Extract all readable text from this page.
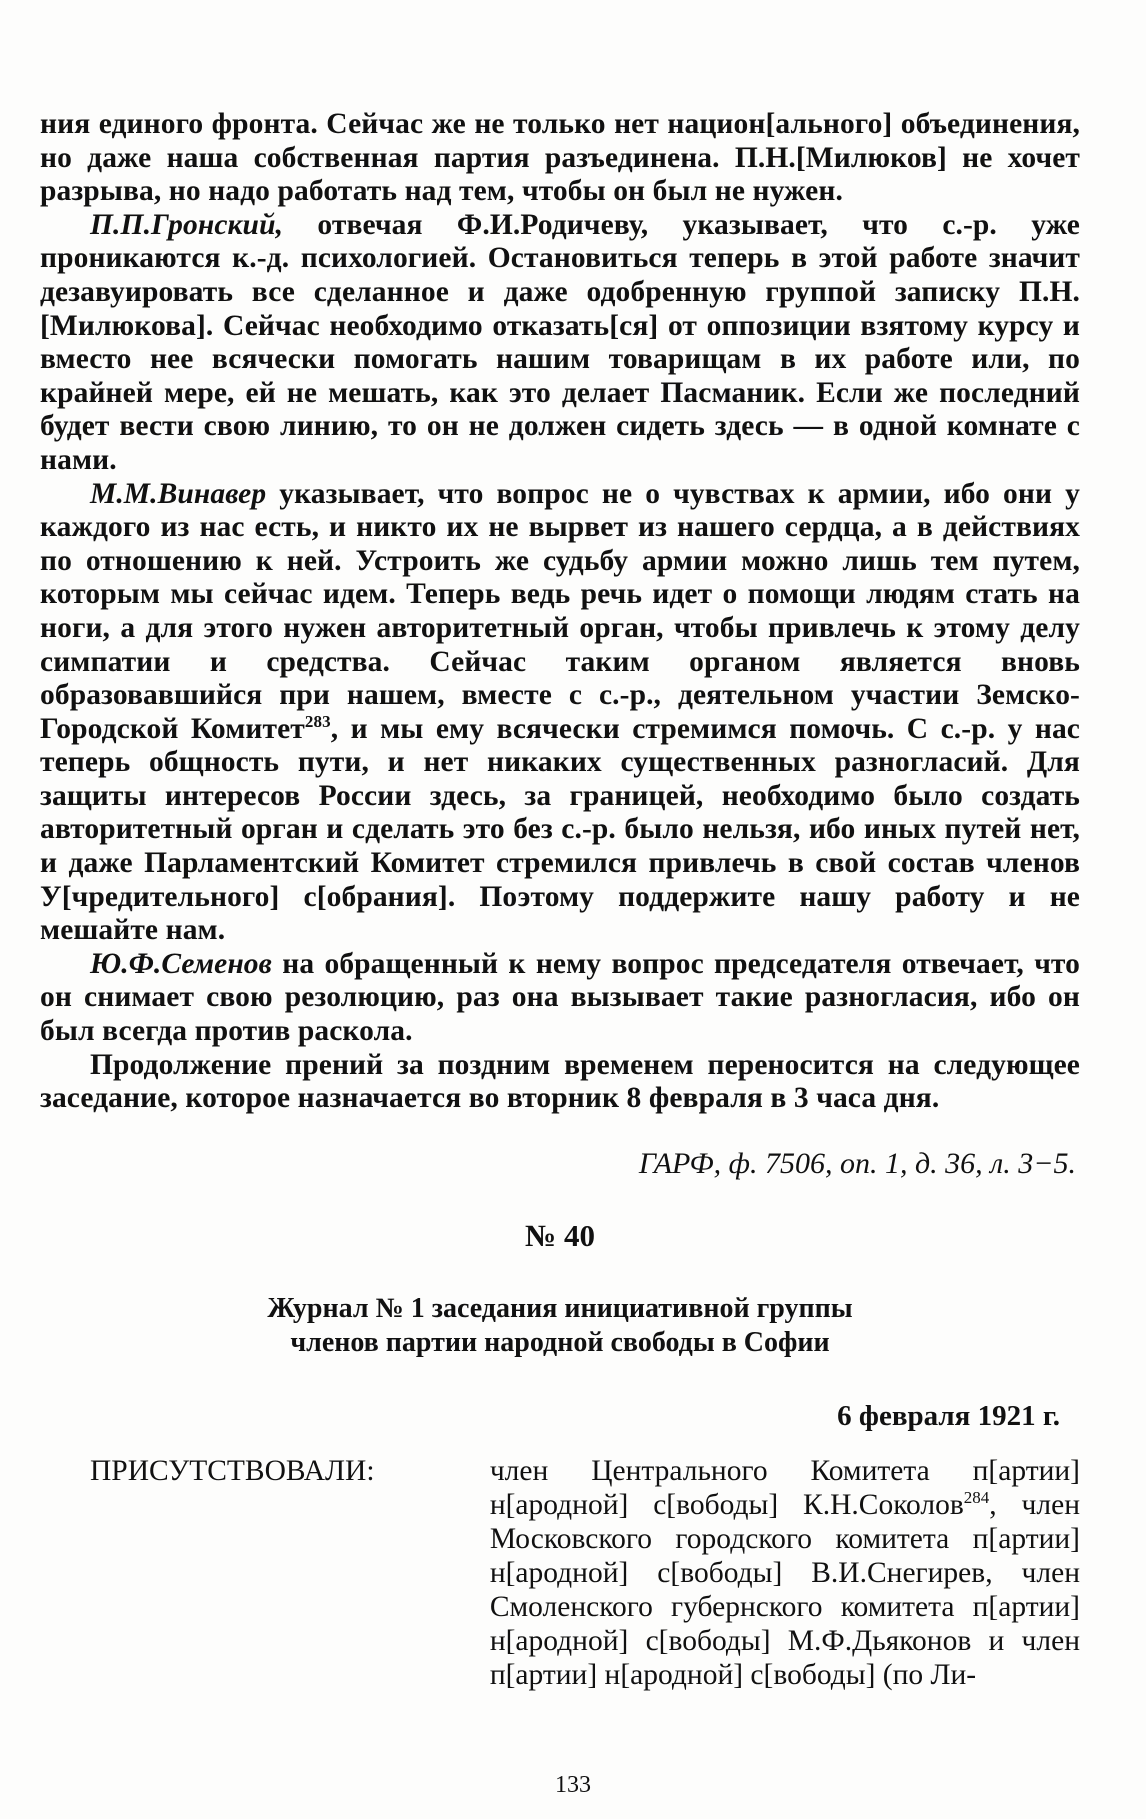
ния единого фронта. Сейчас же не только нет национ[ального] объединения, но даже наша собственная партия разъединена. П.Н.[Милюков] не хочет разрыва, но надо работать над тем, чтобы он был не нужен.

П.П.Гронский, отвечая Ф.И.Родичеву, указывает, что с.-р. уже проникаются к.-д. психологией. Остановиться теперь в этой работе значит дезавуировать все сделанное и даже одобренную группой записку П.Н.[Милюкова]. Сейчас необходимо отказать[ся] от оппозиции взятому курсу и вместо нее всячески помогать нашим товарищам в их работе или, по крайней мере, ей не мешать, как это делает Пасманик. Если же последний будет вести свою линию, то он не должен сидеть здесь — в одной комнате с нами.

М.М.Винавер указывает, что вопрос не о чувствах к армии, ибо они у каждого из нас есть, и никто их не вырвет из нашего сердца, а в действиях по отношению к ней. Устроить же судьбу армии можно лишь тем путем, которым мы сейчас идем. Теперь ведь речь идет о помощи людям стать на ноги, а для этого нужен авторитетный орган, чтобы привлечь к этому делу симпатии и средства. Сейчас таким органом является вновь образовавшийся при нашем, вместе с с.-р., деятельном участии Земско-Городской Комитет$^{283}$, и мы ему всячески стремимся помочь. С с.-р. у нас теперь общность пути, и нет никаких существенных разногласий. Для защиты интересов России здесь, за границей, необходимо было создать авторитетный орган и сделать это без с.-р. было нельзя, ибо иных путей нет, и даже Парламентский Комитет стремился привлечь в свой состав членов У[чредительного] с[обрания]. Поэтому поддержите нашу работу и не мешайте нам.

Ю.Ф.Семенов на обращенный к нему вопрос председателя отвечает, что он снимает свою резолюцию, раз она вызывает такие разногласия, ибо он был всегда против раскола.

Продолжение прений за поздним временем переносится на следующее заседание, которое назначается во вторник 8 февраля в 3 часа дня.

ГАРФ, ф. 7506, оп. 1, д. 36, л. 3−5.
№ 40
Журнал № 1 заседания инициативной группы
членов партии народной свободы в Софии
6 февраля 1921 г.
ПРИСУТСТВОВАЛИ:	член Центрального Комитета п[артии] н[ародной] с[вободы] К.Н.Соколов$^{284}$, член Московского городского комитета п[артии] н[ародной] с[вободы] В.И.Снегирев, член Смоленского губернского комитета п[артии] н[ародной] с[вободы] М.Ф.Дьяконов и член п[артии] н[ародной] с[вободы] (по Ли-
133
